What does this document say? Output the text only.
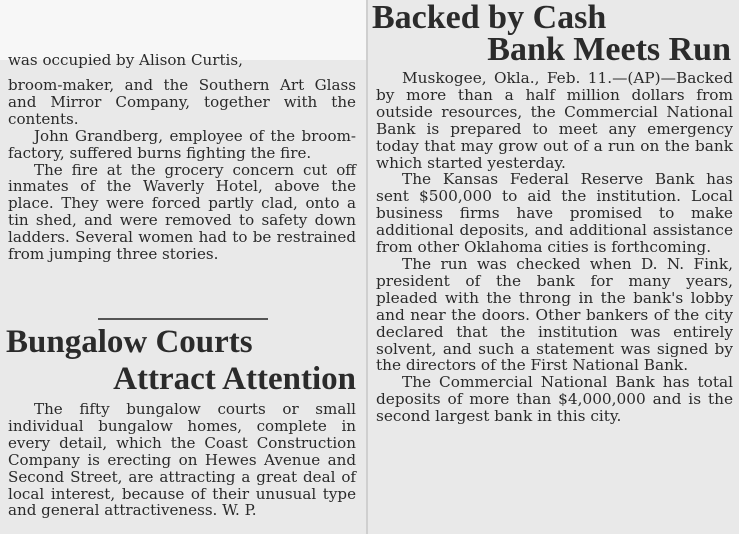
was occupied by Alison Curtis,

broom-maker, and the Southern Art Glass and Mirror Company, together with the contents.

John Grandberg, employee of the broom-factory, suffered burns fighting the fire.

The fire at the grocery concern cut off inmates of the Waverly Hotel, above the place. They were forced partly clad, onto a tin shed, and were removed to safety down ladders. Several women had to be restrained from jumping three stories.

Bungalow Courts
Attract Attention

The fifty bungalow courts or small individual bungalow homes, complete in every detail, which the Coast Construction Company is erecting on Hewes Avenue and Second Street, are attracting a great deal of local interest, because of their unusual type and general attractiveness. W. P.

Backed by Cash
Bank Meets Run

Muskogee, Okla., Feb. 11.—(AP)—Backed by more than a half million dollars from outside resources, the Commercial National Bank is prepared to meet any emergency today that may grow out of a run on the bank which started yesterday.

The Kansas Federal Reserve Bank has sent $500,000 to aid the institution. Local business firms have promised to make additional deposits, and additional assistance from other Oklahoma cities is forthcoming.

The run was checked when D. N. Fink, president of the bank for many years, pleaded with the throng in the bank's lobby and near the doors. Other bankers of the city declared that the institution was entirely solvent, and such a statement was signed by the directors of the First National Bank.

The Commercial National Bank has total deposits of more than $4,000,000 and is the second largest bank in this city.
